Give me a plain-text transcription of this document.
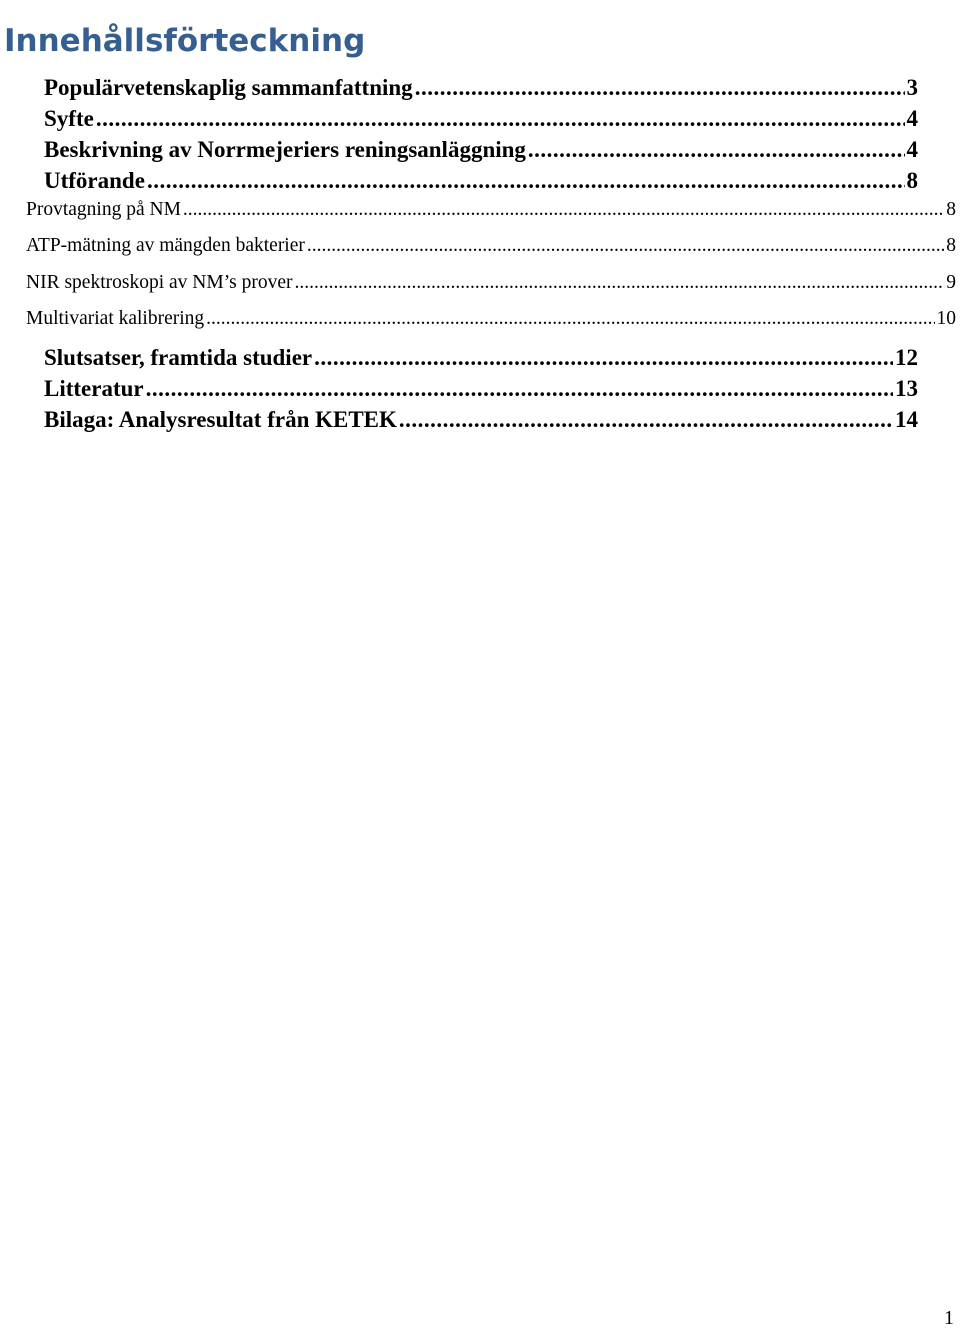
Innehållsförteckning
Populärvetenskaplig sammanfattning .....	3
Syfte .....	4
Beskrivning av Norrmejeriers reningsanläggning .....	4
Utförande .....	8
Provtagning på NM .....	8
ATP-mätning av mängden bakterier .....	8
NIR spektroskopi av NM’s prover .....	9
Multivariat kalibrering .....	10
Slutsatser, framtida studier .....	12
Litteratur .....	13
Bilaga: Analysresultat från KETEK .....	14
1
